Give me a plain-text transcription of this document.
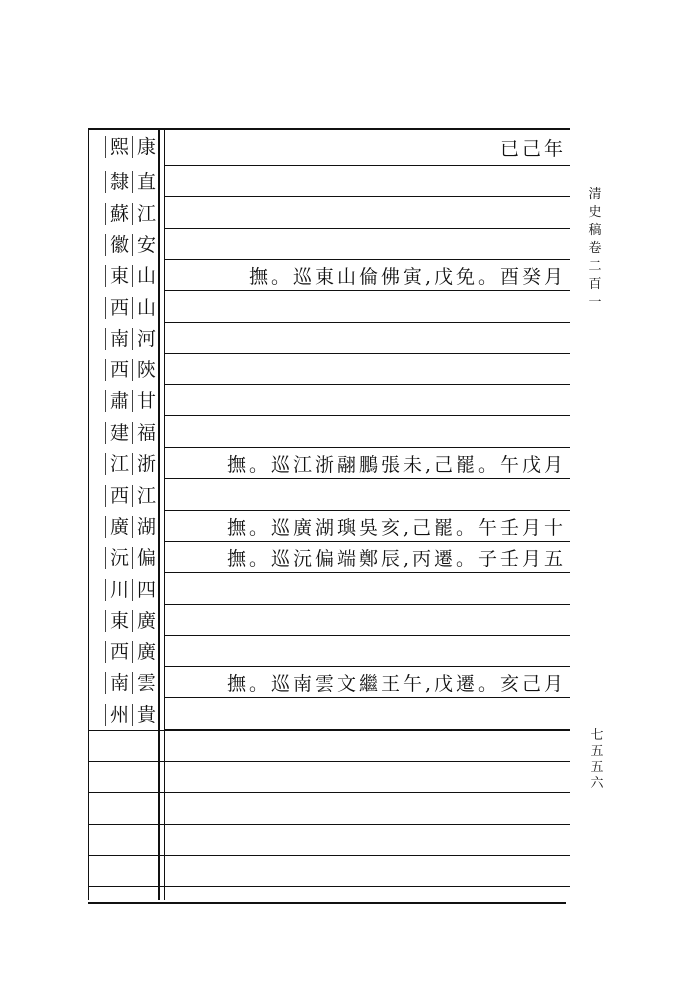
熙 康	已己年
隸 直
蘇 江
徽 安
東 山	撫。巡東山倫佛寅,戊免。酉癸月
西 山
南 河
西 陝
肅 甘
建 福
江 浙	撫。巡江浙翮鵬張未,己罷。午戊月
西 江
廣 湖	撫。巡廣湖璵吳亥,己罷。午壬月十
沅 偏	撫。巡沅偏端鄭辰,丙遷。子壬月五
川 四
東 廣
西 廣
南 雲	撫。巡南雲文繼王午,戊遷。亥己月
州 貴
清史稿卷二百一
七五五六
